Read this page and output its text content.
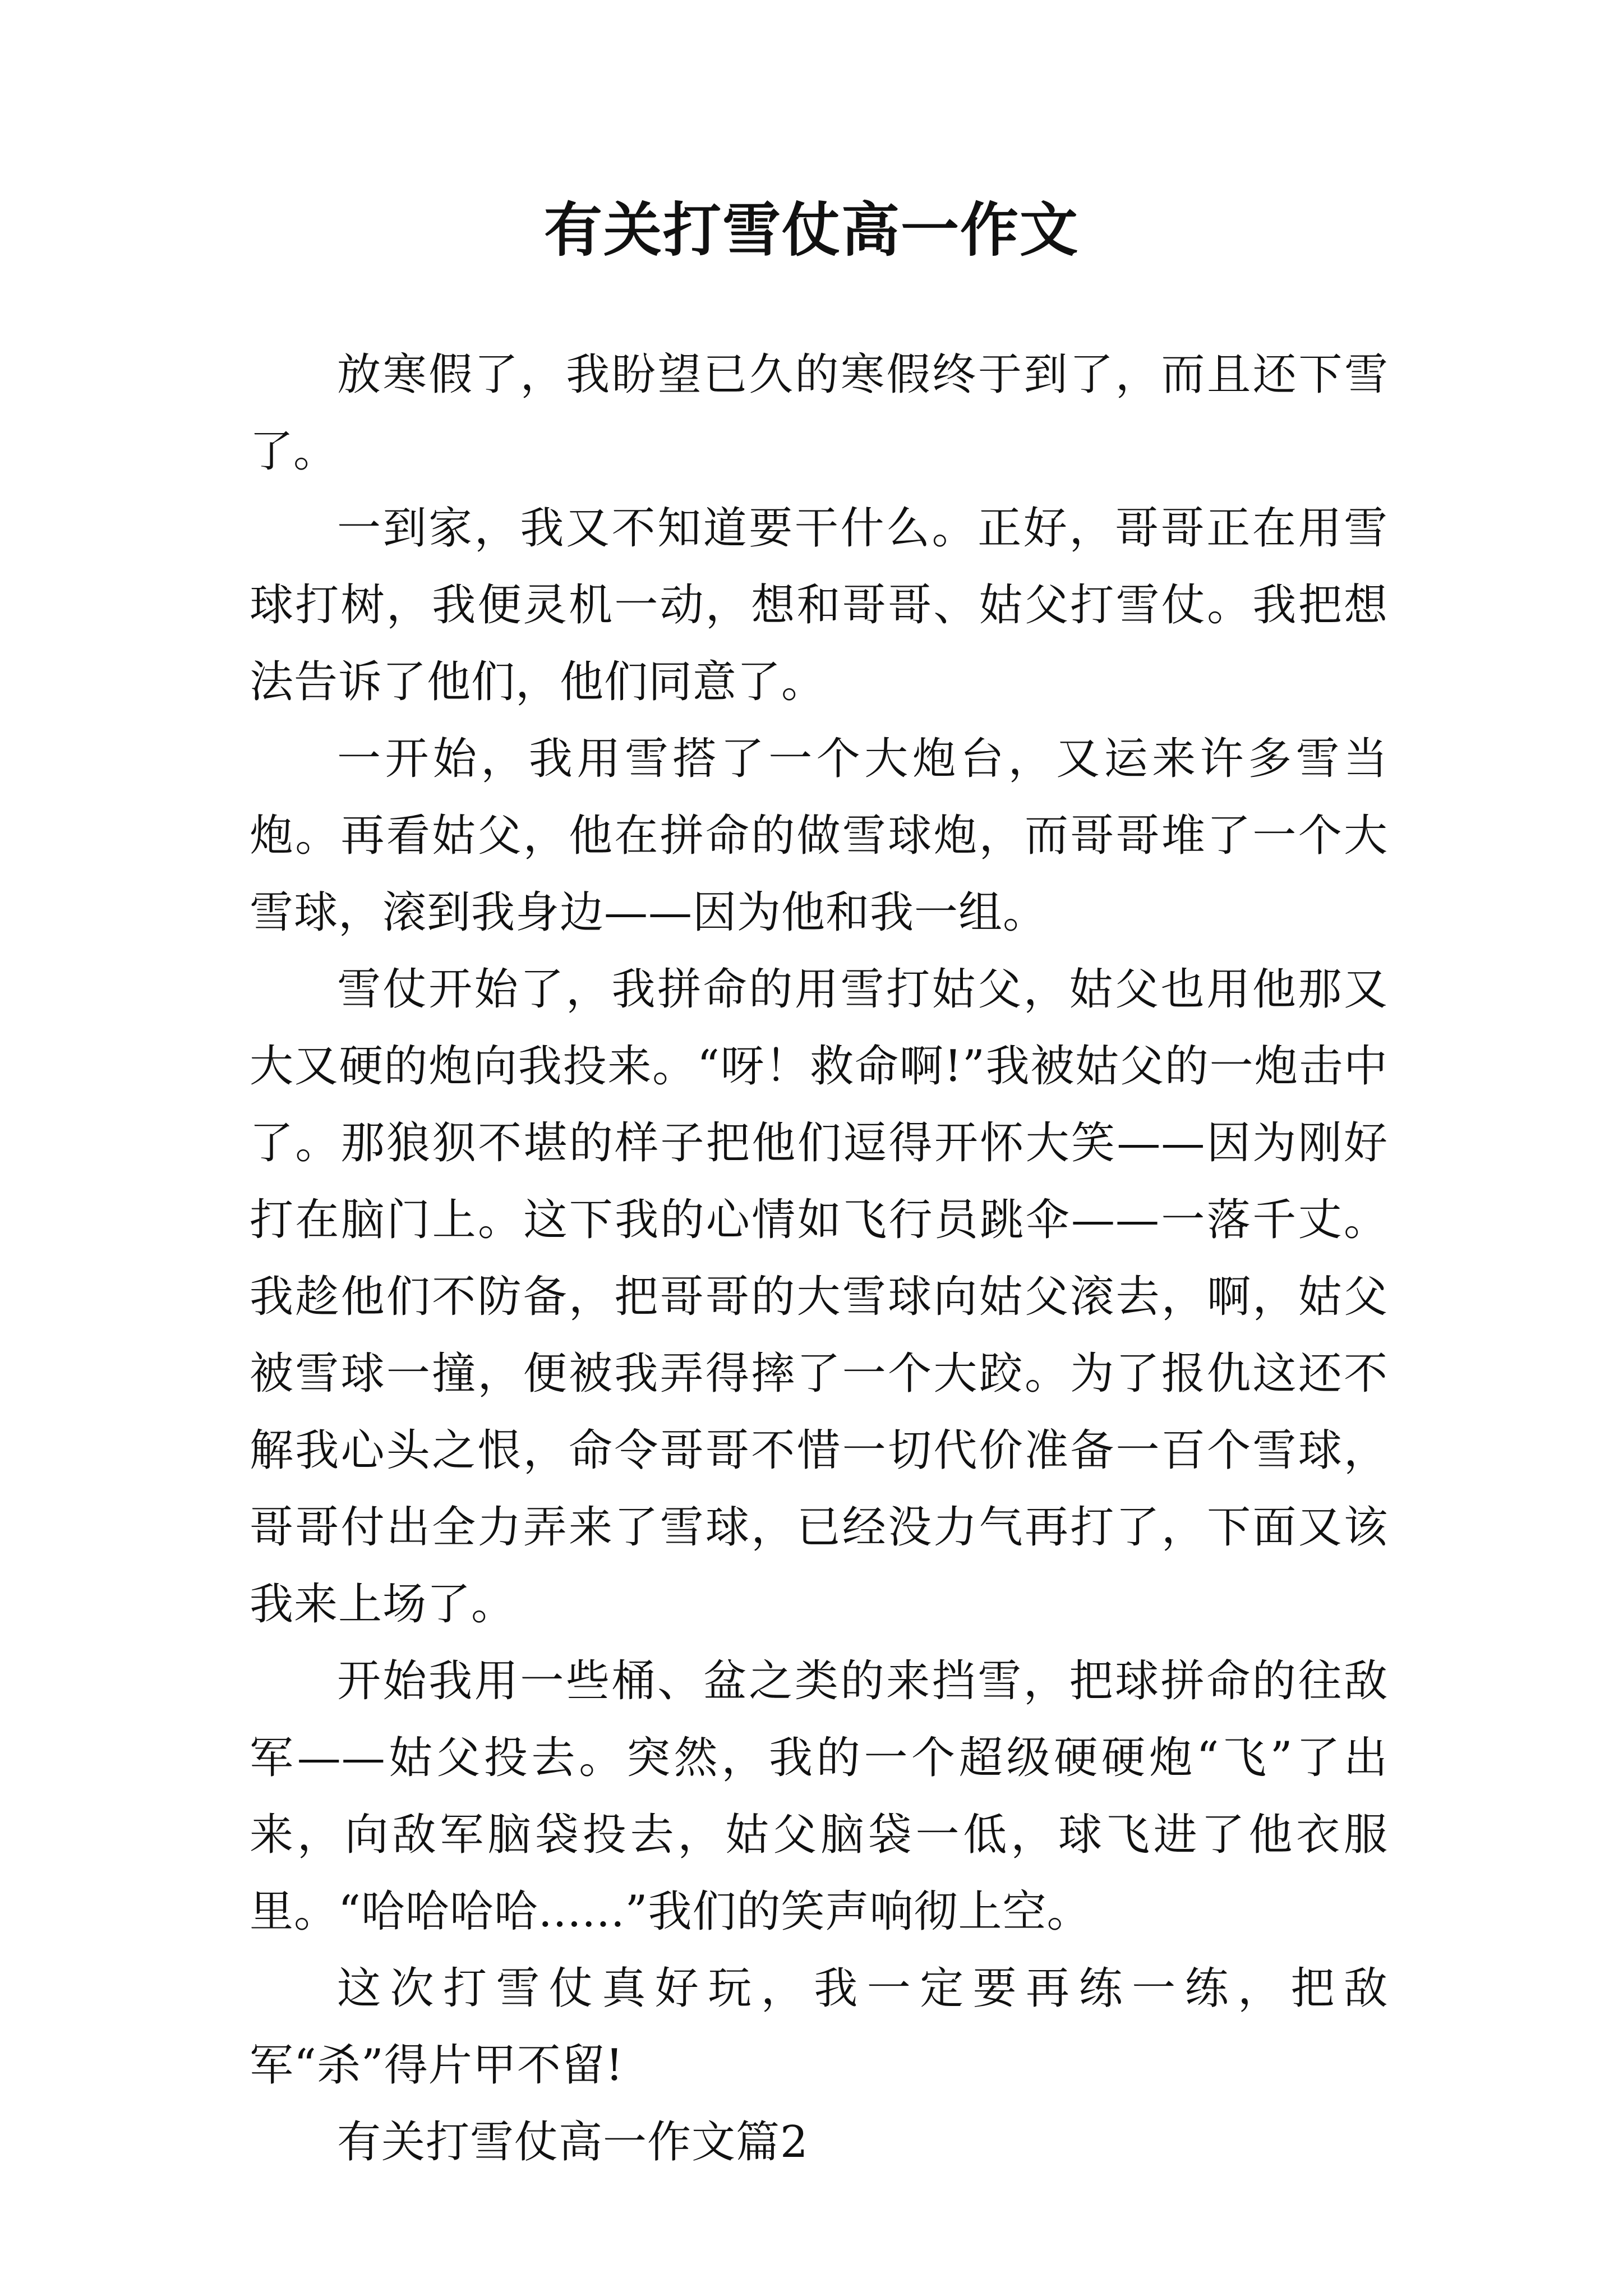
有关打雪仗高一作文

放寒假了，我盼望已久的寒假终于到了，而且还下雪了。

一到家，我又不知道要干什么。正好，哥哥正在用雪球打树，我便灵机一动，想和哥哥、姑父打雪仗。我把想法告诉了他们，他们同意了。

一开始，我用雪搭了一个大炮台，又运来许多雪当炮。再看姑父，他在拼命的做雪球炮，而哥哥堆了一个大雪球，滚到我身边——因为他和我一组。

雪仗开始了，我拼命的用雪打姑父，姑父也用他那又大又硬的炮向我投来。“呀！救命啊!”我被姑父的一炮击中了。那狼狈不堪的样子把他们逗得开怀大笑——因为刚好打在脑门上。这下我的心情如飞行员跳伞——一落千丈。我趁他们不防备，把哥哥的大雪球向姑父滚去，啊，姑父被雪球一撞，便被我弄得摔了一个大跤。为了报仇这还不解我心头之恨，命令哥哥不惜一切代价准备一百个雪球，哥哥付出全力弄来了雪球，已经没力气再打了，下面又该我来上场了。

开始我用一些桶、盆之类的来挡雪，把球拼命的往敌军——姑父投去。突然，我的一个超级硬硬炮“飞”了出来，向敌军脑袋投去，姑父脑袋一低，球飞进了他衣服里。“哈哈哈哈......”我们的笑声响彻上空。

这次打雪仗真好玩，我一定要再练一练，把敌军“杀”得片甲不留!

有关打雪仗高一作文篇2
